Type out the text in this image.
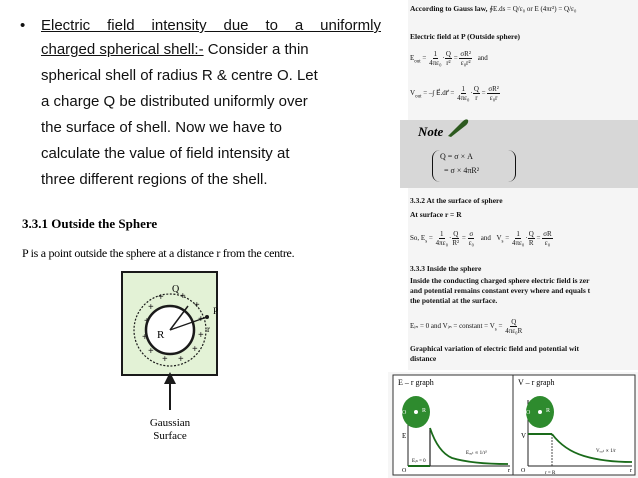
• Electric field intensity due to a uniformly
charged spherical shell:- Consider a thin
spherical shell of radius R & centre O. Let
a charge Q be distributed uniformly over
the surface of shell. Now we have to
calculate the value of field intensity at
three different regions of the shell.
3.3.1 Outside the Sphere
P is a point outside the sphere at a distance r from the centre.
Q
R	r
P
+ +
+
+
+
+
+
+
+
+
+
+
Gaussian
Surface
According to Gauss law, ∮E.ds = Q/ε₀ or E (4πr²) = Q/ε₀
Electric field at P (Outside sphere)
$E_{out} = \frac{1}{\text{4πε₀}} \cdot \frac{Q}{\text{r²}} = \frac{\text{σR²}}{\text{ε₀r²}}$ and
$V_{out}$ = –∫ E⃗.dr⃗ = $\frac{1}{\text{4πε₀}} \cdot \frac{Q}{r} = \frac{\text{σR²}}{\text{ε₀r}}$
Note
Q = σ × A
= σ × 4πR²
3.3.2 At the surface of sphere
At surface r = R
So, $E_s = \frac{1}{\text{4πε₀}} \cdot \frac{Q}{\text{R²}} = \frac{\sigma}{\text{ε₀}}$ and $V_s = \frac{1}{\text{4πε₀}} \cdot \frac{Q}{R} = \frac{\sigma R}{\text{ε₀}}$
3.3.3 Inside the sphere
Inside the conducting charged sphere electric field is zer
and potential remains constant every where and equals t
the potential at the surface.
Eᵢₙ = 0 and Vᵢₙ = constant = $V_s = \frac{Q}{\text{4πε₀R}}$
Graphical variation of electric field and potential wit
distance
E – r graph
O	R
E
O	r
Eᵢₙ = 0
Eₒᵤₜ ∝ 1/r²
V – r graph
O	R
V
O	r
Vₒᵤₜ ∝ 1/r
r = R
